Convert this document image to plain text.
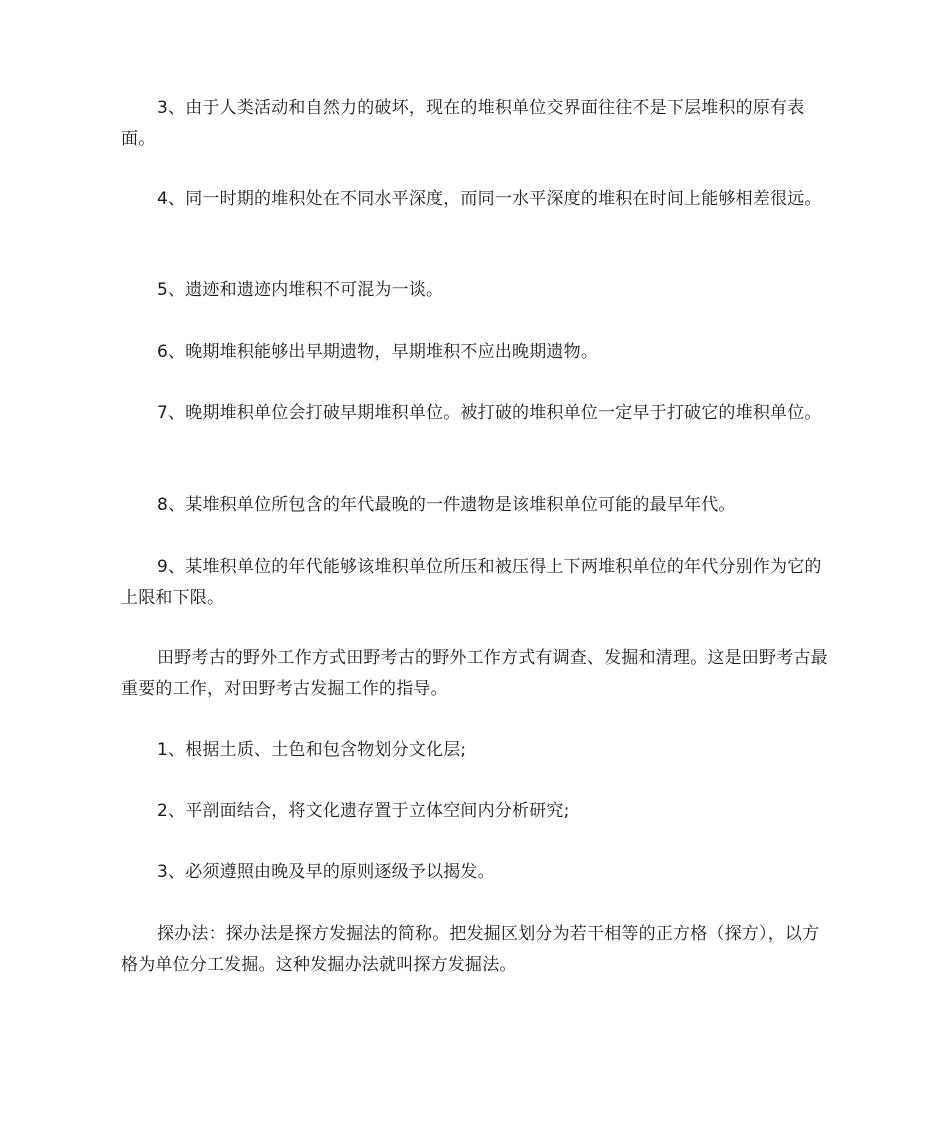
3、由于人类活动和自然力的破坏，现在的堆积单位交界面往往不是下层堆积的原有表面。

4、同一时期的堆积处在不同水平深度，而同一水平深度的堆积在时间上能够相差很远。

5、遗迹和遗迹内堆积不可混为一谈。

6、晚期堆积能够出早期遗物，早期堆积不应出晚期遗物。

7、晚期堆积单位会打破早期堆积单位。被打破的堆积单位一定早于打破它的堆积单位。

8、某堆积单位所包含的年代最晚的一件遗物是该堆积单位可能的最早年代。

9、某堆积单位的年代能够该堆积单位所压和被压得上下两堆积单位的年代分别作为它的上限和下限。

田野考古的野外工作方式田野考古的野外工作方式有调查、发掘和清理。这是田野考古最重要的工作，对田野考古发掘工作的指导。

1、根据土质、土色和包含物划分文化层;

2、平剖面结合，将文化遗存置于立体空间内分析研究;

3、必须遵照由晚及早的原则逐级予以揭发。

探办法：探办法是探方发掘法的简称。把发掘区划分为若干相等的正方格（探方），以方格为单位分工发掘。这种发掘办法就叫探方发掘法。
